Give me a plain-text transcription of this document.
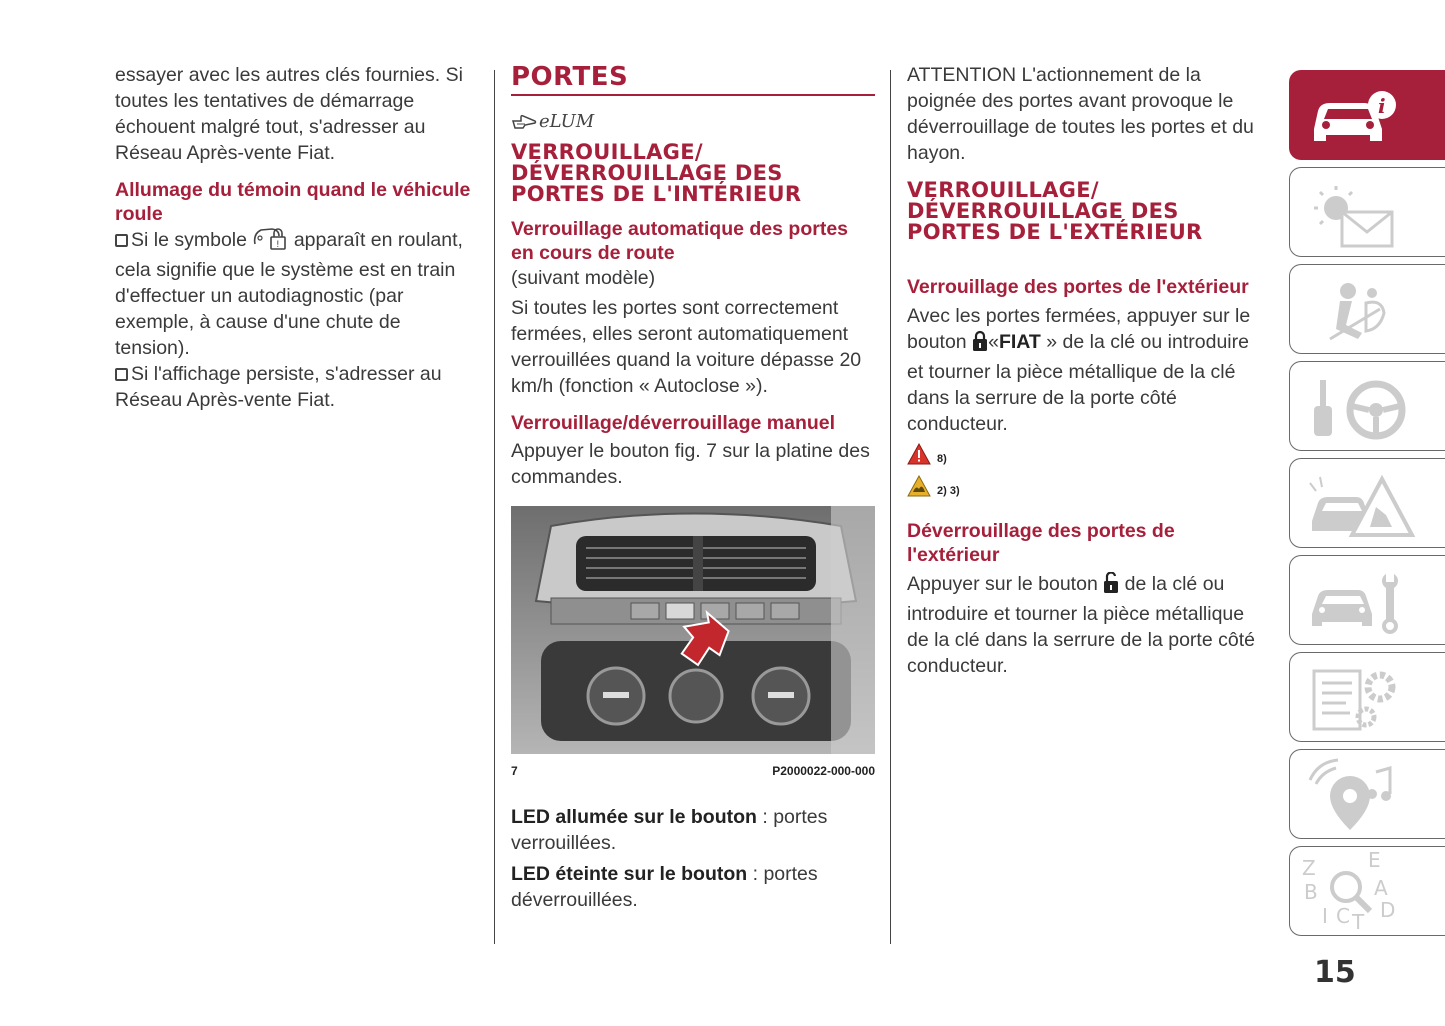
essayer avec les autres clés fournies. Si toutes les tentatives de démarrage échouent malgré tout, s'adresser au Réseau Après-vente Fiat.

Allumage du témoin quand le véhicule roule

Si le symbole	! apparaît en roulant, cela signifie que le système est en train d'effectuer un autodiagnostic (par exemple, à cause d'une chute de tension).

Si l'affichage persiste, s'adresser au Réseau Après-vente Fiat.

PORTES
eLUM
VERROUILLAGE/ DÉVERROUILLAGE DES PORTES DE L'INTÉRIEUR

Verrouillage automatique des portes en cours de route

(suivant modèle)

Si toutes les portes sont correctement fermées, elles seront automatiquement verrouillées quand la voiture dépasse 20 km/h (fonction « Autoclose »).

Verrouillage/déverrouillage manuel

Appuyer le bouton fig. 7 sur la platine des commandes.

7	P2000022-000-000

LED allumée sur le bouton : portes verrouillées.

LED éteinte sur le bouton : portes déverrouillées.

ATTENTION L'actionnement de la poignée des portes avant provoque le déverrouillage de toutes les portes et du hayon.

VERROUILLAGE/ DÉVERROUILLAGE DES PORTES DE L'EXTÉRIEUR

Verrouillage des portes de l'extérieur

Avec les portes fermées, appuyer sur le bouton «FIAT » de la clé ou introduire et tourner la pièce métallique de la clé dans la serrure de la porte côté conducteur.

8)
2) 3)

Déverrouillage des portes de l'extérieur

Appuyer sur le bouton de la clé ou introduire et tourner la pièce métallique de la clé dans la serrure de la porte côté conducteur.

i
Z	E
B	A
I C T D
15
